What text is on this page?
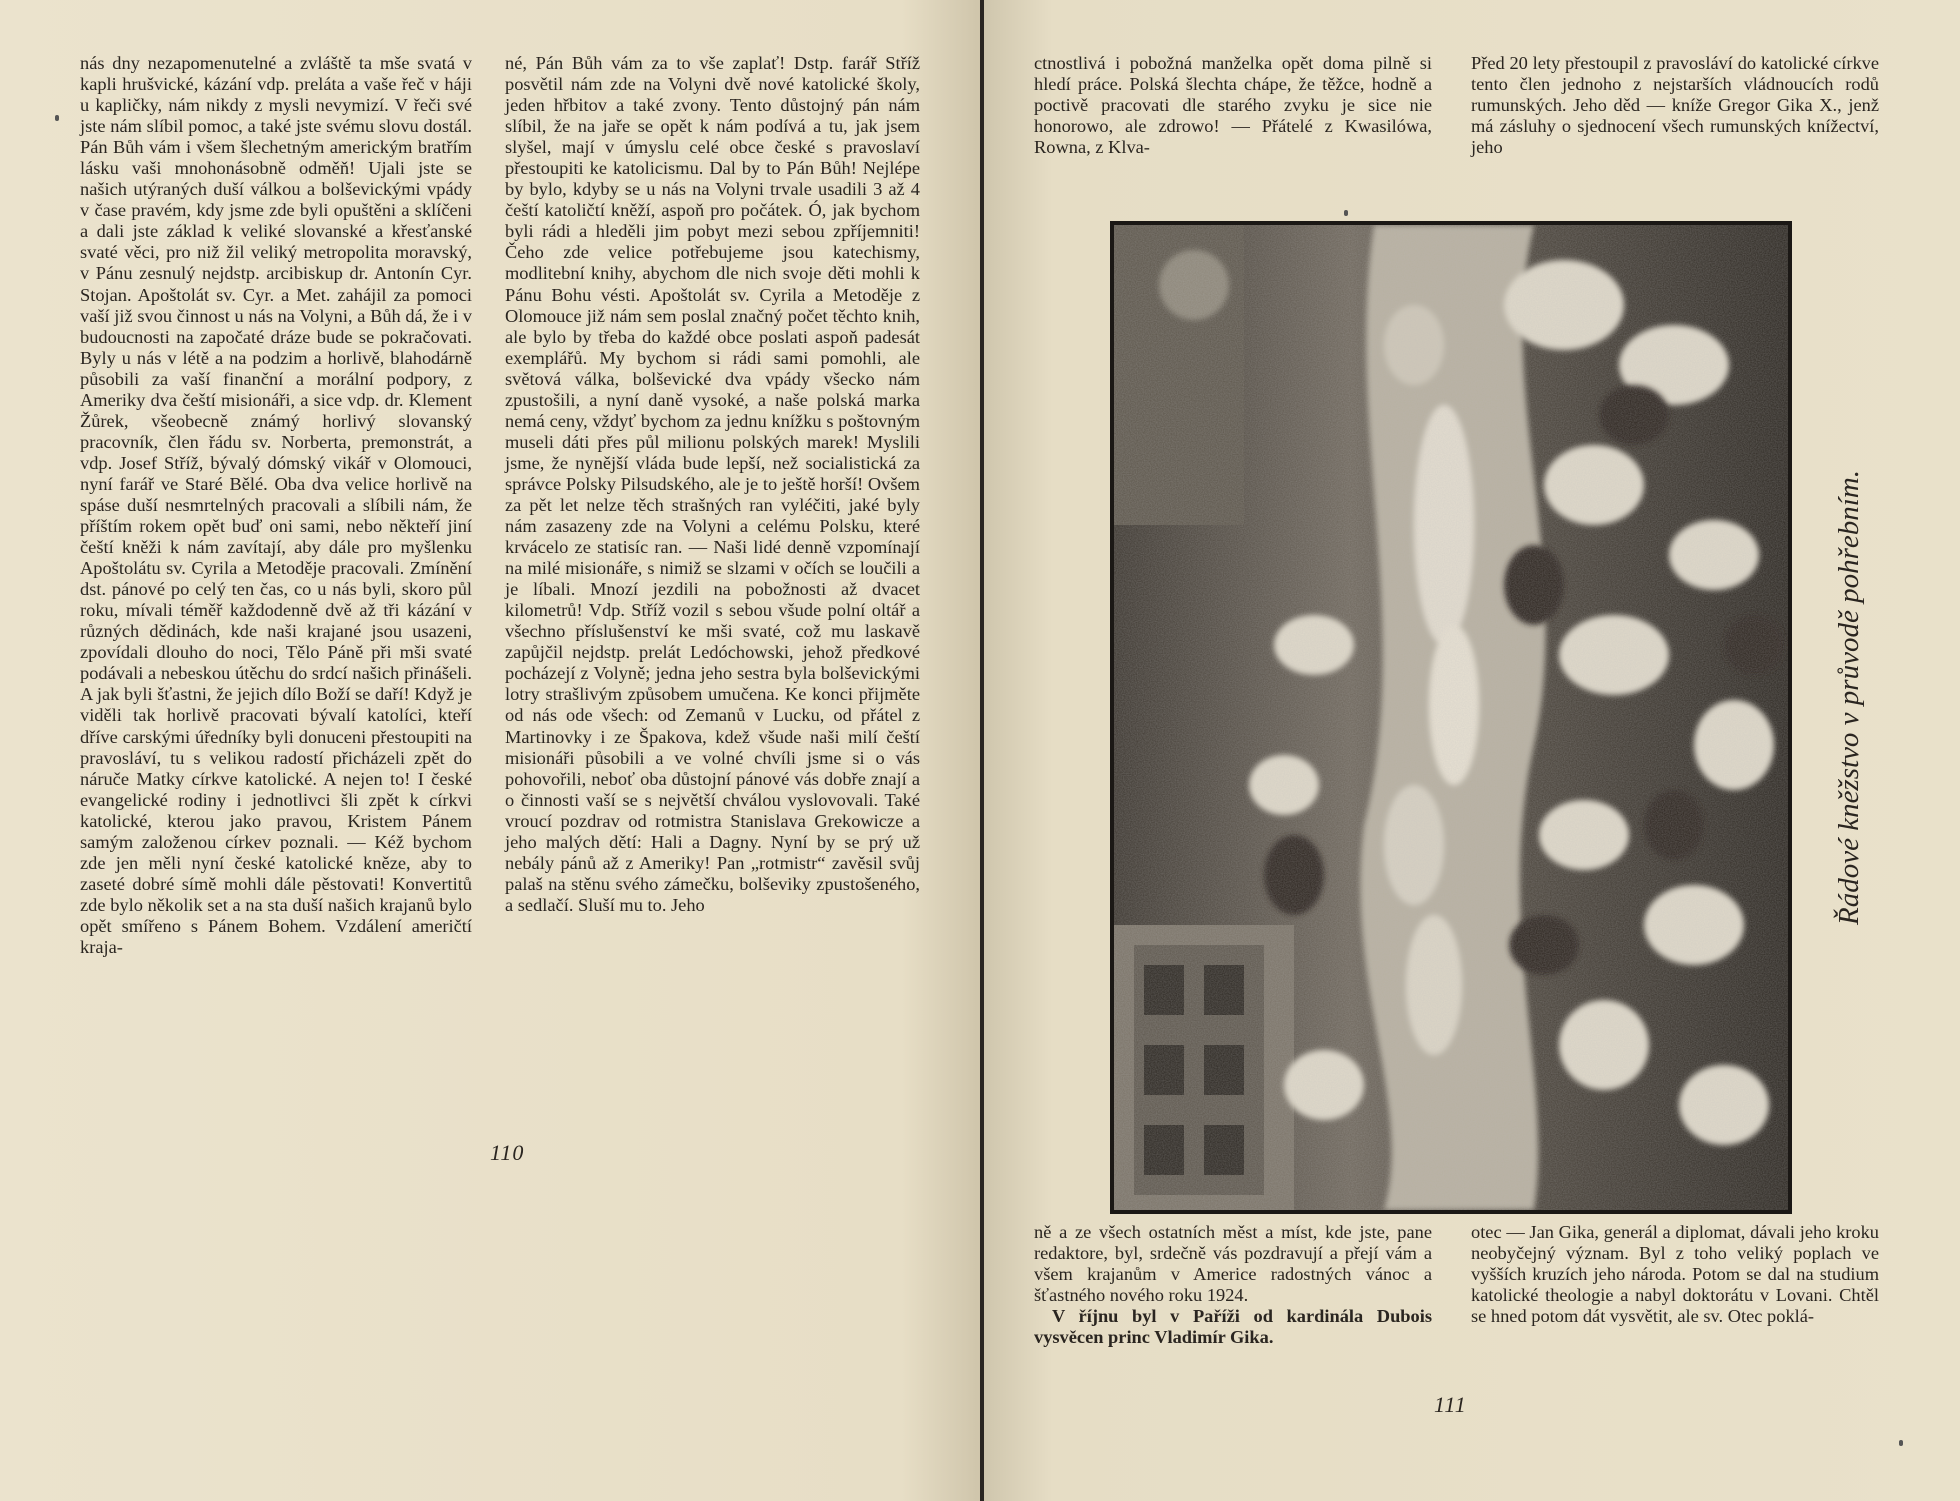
nás dny nezapomenutelné a zvláště ta mše svatá v kapli hrušvické, kázání vdp. preláta a vaše řeč v háji u kapličky, nám nikdy z mysli nevymizí. V řeči své jste nám slíbil pomoc, a také jste svému slovu dostál. Pán Bůh vám i všem šlechetným americkým bratřím lásku vaši mnohonásobně odměň! Ujali jste se našich utýraných duší válkou a bolševickými vpády v čase pravém, kdy jsme zde byli opuštěni a sklíčeni a dali jste základ k veliké slovanské a křesťanské svaté věci, pro niž žil veliký metropolita moravský, v Pánu zesnulý nejdstp. arcibiskup dr. Antonín Cyr. Stojan. Apoštolát sv. Cyr. a Met. zahájil za pomoci vaší již svou činnost u nás na Volyni, a Bůh dá, že i v budoucnosti na započaté dráze bude se pokračovati. Byly u nás v létě a na podzim a horlivě, blahodárně působili za vaší finanční a morální podpory, z Ameriky dva čeští misionáři, a sice vdp. dr. Klement Žůrek, všeobecně známý horlivý slovanský pracovník, člen řádu sv. Norberta, premonstrát, a vdp. Josef Stříž, bývalý dómský vikář v Olomouci, nyní farář ve Staré Bělé. Oba dva velice horlivě na spáse duší nesmrtelných pracovali a slíbili nám, že příštím rokem opět buď oni sami, nebo někteří jiní čeští kněži k nám zavítají, aby dále pro myšlenku Apoštolátu sv. Cyrila a Metoděje pracovali. Zmínění dst. pánové po celý ten čas, co u nás byli, skoro půl roku, mívali téměř každodenně dvě až tři kázání v různých dědinách, kde naši krajané jsou usazeni, zpovídali dlouho do noci, Tělo Páně při mši svaté podávali a nebeskou útěchu do srdcí našich přinášeli. A jak byli šťastni, že jejich dílo Boží se daří! Když je viděli tak horlivě pracovati bývalí katolíci, kteří dříve carskými úředníky byli donuceni přestoupiti na pravosláví, tu s velikou radostí přicházeli zpět do náruče Matky církve katolické. A nejen to! I české evangelické rodiny i jednotlivci šli zpět k církvi katolické, kterou jako pravou, Kristem Pánem samým založenou církev poznali. — Kéž bychom zde jen měli nyní české katolické kněze, aby to zaseté dobré símě mohli dále pěstovati! Konvertitů zde bylo několik set a na sta duší našich krajanů bylo opět smířeno s Pánem Bohem. Vzdálení američtí kraja-

né, Pán Bůh vám za to vše zaplať! Dstp. farář Stříž posvětil nám zde na Volyni dvě nové katolické školy, jeden hřbitov a také zvony. Tento důstojný pán nám slíbil, že na jaře se opět k nám podívá a tu, jak jsem slyšel, mají v úmyslu celé obce české s pravoslaví přestoupiti ke katolicismu. Dal by to Pán Bůh! Nejlépe by bylo, kdyby se u nás na Volyni trvale usadili 3 až 4 čeští katoličtí kněží, aspoň pro počátek. Ó, jak bychom byli rádi a hleděli jim pobyt mezi sebou zpříjemniti! Čeho zde velice potřebujeme jsou katechismy, modlitební knihy, abychom dle nich svoje děti mohli k Pánu Bohu vésti. Apoštolát sv. Cyrila a Metoděje z Olomouce již nám sem poslal značný počet těchto knih, ale bylo by třeba do každé obce poslati aspoň padesát exemplářů. My bychom si rádi sami pomohli, ale světová válka, bolševické dva vpády všecko nám zpustošili, a nyní daně vysoké, a naše polská marka nemá ceny, vždyť bychom za jednu knížku s poštovným museli dáti přes půl milionu polských marek! Myslili jsme, že nynější vláda bude lepší, než socialistická za správce Polsky Pilsudského, ale je to ještě horší! Ovšem za pět let nelze těch strašných ran vyléčiti, jaké byly nám zasazeny zde na Volyni a celému Polsku, které krvácelo ze statisíc ran. — Naši lidé denně vzpomínají na milé misionáře, s nimiž se slzami v očích se loučili a je líbali. Mnozí jezdili na pobožnosti až dvacet kilometrů! Vdp. Stříž vozil s sebou všude polní oltář a všechno příslušenství ke mši svaté, což mu laskavě zapůjčil nejdstp. prelát Ledóchowski, jehož předkové pocházejí z Volyně; jedna jeho sestra byla bolševickými lotry strašlivým způsobem umučena. Ke konci přijměte od nás ode všech: od Zemanů v Lucku, od přátel z Martinovky i ze Špakova, kdež všude naši milí čeští misionáři působili a ve volné chvíli jsme si o vás pohovořili, neboť oba důstojní pánové vás dobře znají a o činnosti vaší se s největší chválou vyslovovali. Také vroucí pozdrav od rotmistra Stanislava Grekowicze a jeho malých dětí: Hali a Dagny. Nyní by se prý už nebály pánů až z Ameriky! Pan „rotmistr“ zavěsil svůj palaš na stěnu svého zámečku, bolševiky zpustošeného, a sedlačí. Sluší mu to. Jeho

110

ctnostlivá i pobožná manželka opět doma pilně si hledí práce. Polská šlechta chápe, že těžce, hodně a poctivě pracovati dle starého zvyku je sice nie honorowo, ale zdrowo! — Přátelé z Kwasilówa, Rowna, z Klva-

Před 20 lety přestoupil z pravosláví do katolické církve tento člen jednoho z nejstarších vládnoucích rodů rumunských. Jeho děd — kníže Gregor Gika X., jenž má zásluhy o sjednocení všech rumunských knížectví, jeho

Řádové kněžstvo v průvodě pohřebním.

ně a ze všech ostatních měst a míst, kde jste, pane redaktore, byl, srdečně vás pozdravují a přejí vám a všem krajanům v Americe radostných vánoc a šťastného nového roku 1924.

V říjnu byl v Paříži od kardinála Dubois vysvěcen princ Vladimír Gika.

otec — Jan Gika, generál a diplomat, dávali jeho kroku neobyčejný význam. Byl z toho veliký poplach ve vyšších kruzích jeho národa. Potom se dal na studium katolické theologie a nabyl doktorátu v Lovani. Chtěl se hned potom dát vysvětit, ale sv. Otec poklá-

111
